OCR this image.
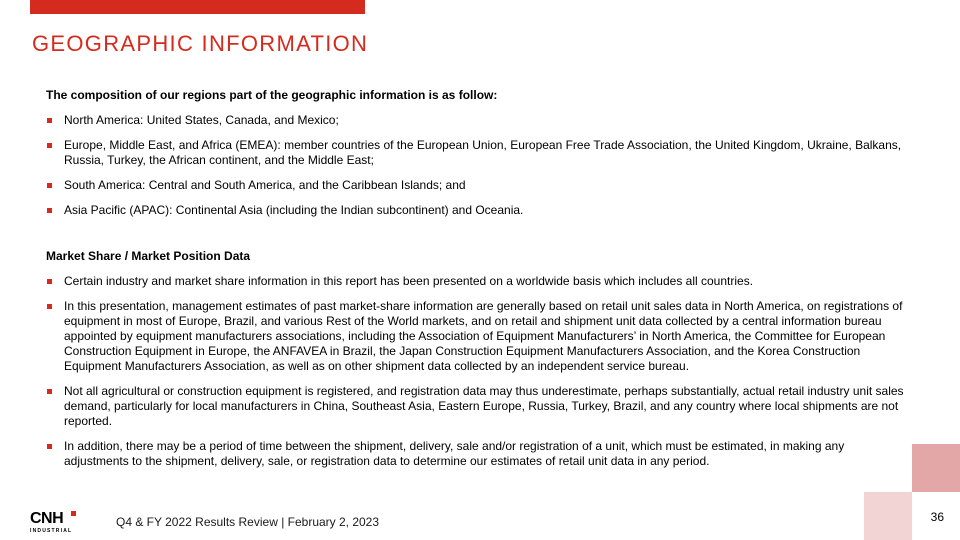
GEOGRAPHIC INFORMATION

The composition of our regions part of the geographic information is as follow:

North America: United States, Canada, and Mexico;
Europe, Middle East, and Africa (EMEA): member countries of the European Union, European Free Trade Association, the United Kingdom, Ukraine, Balkans, Russia, Turkey, the African continent, and the Middle East;
South America: Central and South America, and the Caribbean Islands; and
Asia Pacific (APAC): Continental Asia (including the Indian subcontinent) and Oceania.

Market Share / Market Position Data

Certain industry and market share information in this report has been presented on a worldwide basis which includes all countries.
In this presentation, management estimates of past market-share information are generally based on retail unit sales data in North America, on registrations of equipment in most of Europe, Brazil, and various Rest of the World markets, and on retail and shipment unit data collected by a central information bureau appointed by equipment manufacturers associations, including the Association of Equipment Manufacturers’ in North America, the Committee for European Construction Equipment in Europe, the ANFAVEA in Brazil, the Japan Construction Equipment Manufacturers Association, and the Korea Construction Equipment Manufacturers Association, as well as on other shipment data collected by an independent service bureau.
Not all agricultural or construction equipment is registered, and registration data may thus underestimate, perhaps substantially, actual retail industry unit sales demand, particularly for local manufacturers in China, Southeast Asia, Eastern Europe, Russia, Turkey, Brazil, and any country where local shipments are not reported.
In addition, there may be a period of time between the shipment, delivery, sale and/or registration of a unit, which must be estimated, in making any adjustments to the shipment, delivery, sale, or registration data to determine our estimates of retail unit data in any period.
36
CNH
INDUSTRIAL
Q4 & FY 2022 Results Review | February 2, 2023
